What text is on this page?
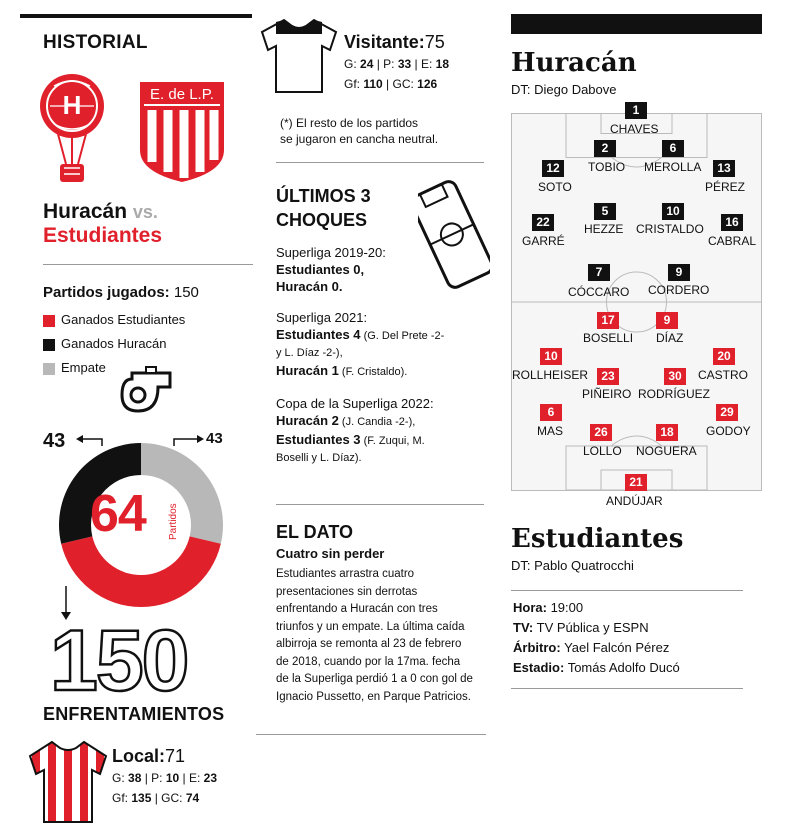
HISTORIAL
H	E. de L.P.
Huracán vs.
Estudiantes
Partidos jugados: 150
Ganados Estudiantes
Ganados Huracán
Empate
43	43
64 Partidos
150
ENFRENTAMIENTOS
Local:71
G: 38 | P: 10 | E: 23
Gf: 135 | GC: 74
Visitante:75
G: 24 | P: 33 | E: 18
Gf: 110 | GC: 126
(*) El resto de los partidos
se jugaron en cancha neutral.
ÚLTIMOS 3
CHOQUES
Superliga 2019-20:
Estudiantes 0,
Huracán 0.
Superliga 2021:
Estudiantes 4 (G. Del Prete -2-
y L. Díaz -2-),
Huracán 1 (F. Cristaldo).
Copa de la Superliga 2022:
Huracán 2 (J. Candia -2-),
Estudiantes 3 (F. Zuqui, M.
Boselli y L. Díaz).
EL DATO
Cuatro sin perder
Estudiantes arrastra cuatro
presentaciones sin derrotas
enfrentando a Huracán con tres
triunfos y un empate. La última caída
albirroja se remonta al 23 de febrero
de 2018, cuando por la 17ma. fecha
de la Superliga perdió 1 a 0 con gol de
Ignacio Pussetto, en Parque Patricios.
Huracán
DT: Diego Dabove
1
CHAVES
2
TOBIO
6
MEROLLA
12
SOTO
13
PÉREZ
22
GARRÉ
5
HEZZE
10
CRISTALDO	16
CABRAL
7
CÓCCARO
9
CORDERO
17
BOSELLI
9
DÍAZ
10
ROLLHEISER
20
CASTRO
23
PIÑEIRO
30
RODRÍGUEZ
6
MAS
29
GODOY
26
LOLLO
18
NOGUERA
21
ANDÚJAR
Estudiantes
DT: Pablo Quatrocchi
Hora: 19:00
TV: TV Pública y ESPN
Árbitro: Yael Falcón Pérez
Estadio: Tomás Adolfo Ducó
